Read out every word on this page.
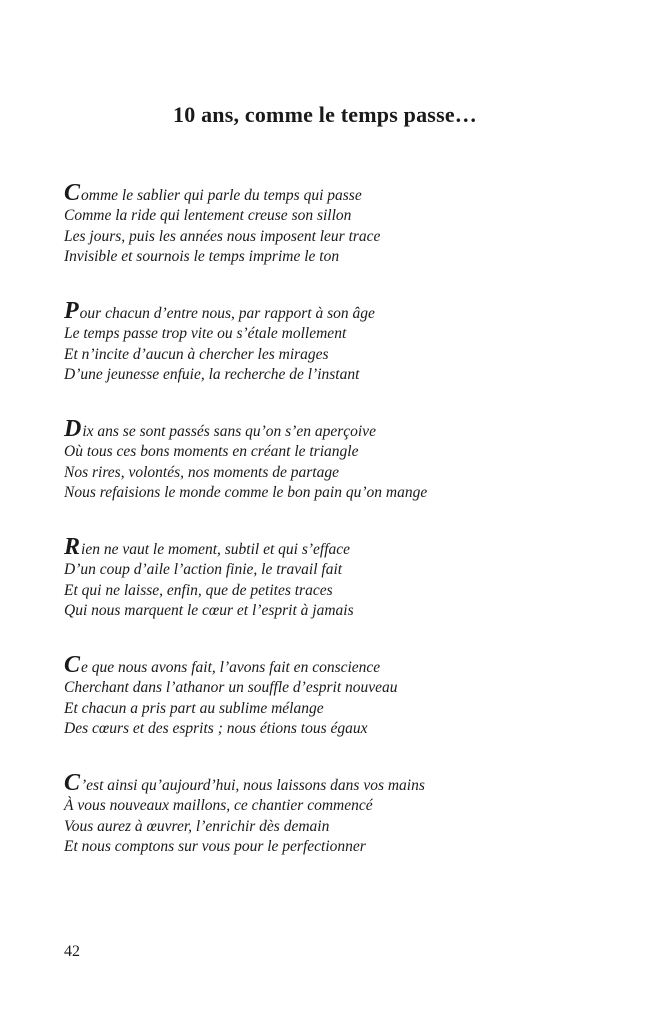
10 ans, comme le temps passe…
Comme le sablier qui parle du temps qui passe
Comme la ride qui lentement creuse son sillon
Les jours, puis les années nous imposent leur trace
Invisible et sournois le temps imprime le ton
Pour chacun d’entre nous, par rapport à son âge
Le temps passe trop vite ou s’étale mollement
Et n’incite d’aucun à chercher les mirages
D’une jeunesse enfuie, la recherche de l’instant
Dix ans se sont passés sans qu’on s’en aperçoive
Où tous ces bons moments en créant le triangle
Nos rires, volontés, nos moments de partage
Nous refaisions le monde comme le bon pain qu’on mange
Rien ne vaut le moment, subtil et qui s’efface
D’un coup d’aile l’action finie, le travail fait
Et qui ne laisse, enfin, que de petites traces
Qui nous marquent le cœur et l’esprit à jamais
Ce que nous avons fait, l’avons fait en conscience
Cherchant dans l’athanor un souffle d’esprit nouveau
Et chacun a pris part au sublime mélange
Des cœurs et des esprits ; nous étions tous égaux
C’est ainsi qu’aujourd’hui, nous laissons dans vos mains
À vous nouveaux maillons, ce chantier commencé
Vous aurez à œuvrer, l’enrichir dès demain
Et nous comptons sur vous pour le perfectionner
42
